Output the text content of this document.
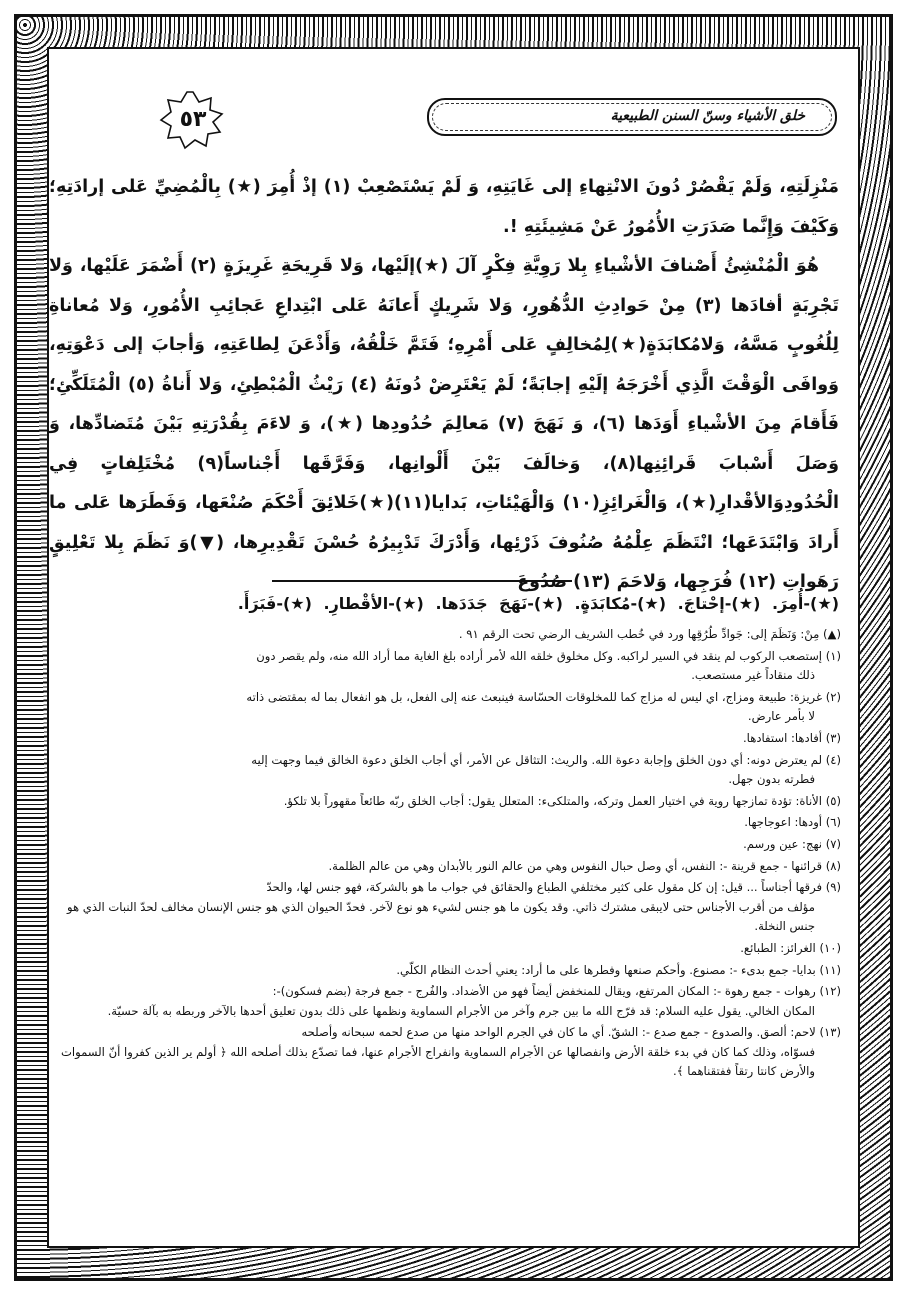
خلق الأشياء وسنّ السنن الطبيعية
٥٣

مَنْزِلَتِهِ، وَلَمْ يَقْصُرْ دُونَ الانْتِهاءِ إلى غَايَتِهِ، وَ لَمْ يَسْتَصْعِبْ (١) إذْ أُمِرَ (★) بِالْمُضِيِّ عَلى إرادَتِهِ؛ وَكَيْفَ وَإِنَّما صَدَرَتِ الأُمُورُ عَنْ مَشِيئَتِهِ !.

هُوَ الْمُنْشِئُ أَصْنافَ الأشْياءِ بِلا رَوِيَّةِ فِكْرٍ آلَ (★)إلَيْها، وَلا قَرِيحَةِ غَرِيزَةٍ (٢) أَضْمَرَ عَلَيْها، وَلا تَجْرِبَةٍ أفادَها (٣) مِنْ حَوادِثِ الدُّهُورِ، وَلا شَرِيكٍ أَعانَهُ عَلى ابْتِداعِ عَجائِبِ الأُمُورِ، وَلا مُعاناةِ لِلُغُوبٍ مَسَّهُ، وَلامُكابَدَةٍ(★)لِمُخالِفٍ عَلى أَمْرِهِ؛ فَتَمَّ خَلْقُهُ، وَأَذْعَنَ لِطاعَتِهِ، وَأجابَ إلى دَعْوَتِهِ، وَوافَى الْوَقْتَ الَّذِي أَخْرَجَهُ إلَيْهِ إجابَةً؛ لَمْ يَعْتَرِضْ دُونَهُ (٤) رَيْثُ الْمُبْطِئِ، وَلا أَناةُ (٥) الْمُتَلَكِّئِ؛ فَأَقامَ مِنَ الأشْياءِ أَوَدَها (٦)، وَ نَهَجَ (٧) مَعالِمَ حُدُودِها (★)، وَ لاءَمَ بِقُدْرَتِهِ بَيْنَ مُتَضادِّها، وَ وَصَلَ أَسْبابَ قَرائِنِها(٨)، وَخالَفَ بَيْنَ أَلْوانِها، وَفَرَّقَها أَجْناساً(٩) مُخْتَلِفاتٍ فِي الْحُدُودِوَالأقْدارِ(★)، وَالْغَرائِزِ(١٠) وَالْهَيْئاتِ، بَدايا(١١)(★)خَلائِقَ أَحْكَمَ صُنْعَها، وَفَطَرَها عَلى ما أَرادَ وَابْتَدَعَها؛ انْتَظَمَ عِلْمُهُ صُنُوفَ ذَرْئِها، وَأَدْرَكَ تَدْبِيرُهُ حُسْنَ تَقْدِيرِها، (▼)وَ نَظَمَ بِلا تَعْلِيقٍ رَهَواتِ (١٢) فُرَجِها، وَلاحَمَ (١٣) صُدُوعَ

(★)-أُمِرَ. (★)-إحْتاجَ. (★)-مُكابَدَةٍ. (★)-نَهَجَ جَدَدَها. (★)-الأقْطارِ. (★)-فَبَرَأَ.
(▲) مِنْ: وَنَظَمَ إلى: جَوادِّ طُرُقِها ورد في خُطب الشريف الرضي تحت الرقم ٩١ .
(١) إستصعب الركوب لم ينقد في السير لراكبه. وكل مخلوق خلقه الله لأمر أراده بلغ الغاية مما أراد الله منه، ولم يقصر دون
ذلك منقاداً غير مستصعب.
(٢) غريزة: طبيعة ومزاج، اي ليس له مزاج كما للمخلوقات الحسّاسة فينبعث عنه إلى الفعل، بل هو انفعال بما له بمقتضى ذاته
لا بأمر عارض.
(٣) أفادها: استفادها.
(٤) لم يعترض دونه: أي دون الخلق وإجابة دعوة الله. والريث: التثاقل عن الأمر، أي أجاب الخلق دعوة الخالق فيما وجهت إليه
فطرته بدون جهل.
(٥) الأناة: تؤدة تمازجها روية في اختيار العمل وتركه، والمتلكىء: المتعلل يقول: أجاب الخلق ربّه طائعاً مقهوراً بلا تلكؤ.
(٦) أودها: اعوجاجها.
(٧) نهج: عين ورسم.
(٨) قرائنها - جمع قرينة -: النفس، أي وصل حبال النفوس وهي من عالم النور بالأبدان وهي من عالم الظلمة.
(٩) فرقها أجناساً ... قيل: إن كل مقول على كثير مختلفي الطباع والحقائق في جواب ما هو بالشركة، فهو جنس لها، والحدّ
مؤلف من أقرب الأجناس حتى لايبقى مشترك ذاتي. وقد يكون ما هو جنس لشيء هو نوع لآخر. فحدّ الحيوان الذي هو جنس الإنسان مخالف لحدّ النبات الذي هو جنس النخلة.
(١٠) الغرائز: الطبائع.
(١١) بدايا- جمع بدىء -: مصنوع. وأحكم صنعها وفطرها على ما أراد: يعني أحدث النظام الكلّي.
(١٢) رهوات - جمع رهوة -: المكان المرتفع، ويقال للمنخفض أيضاً فهو من الأضداد. والفُرج - جمع فرجة (بضم فسكون)-:
المكان الخالي. يقول عليه السلام: قد فرّج الله ما بين جرم وآخر من الأجرام السماوية ونظمها على ذلك بدون تعليق أحدها بالآخر وربطه به بآلة حسيّة.
(١٣) لاحم: ألصق. والصدوع - جمع صدع -: الشقّ. أي ما كان في الجرم الواحد منها من صدع لحمه سبحانه وأصلحه
فسوّاه، وذلك كما كان في بدء خلقة الأرض وانفصالها عن الأجرام السماوية وانفراج الأجرام عنها، فما تصدّع بذلك أصلحه الله ﴿ أولم ير الذين كفروا أنّ السموات والأرض كانتا رتقاً ففتقناهما ﴾.
